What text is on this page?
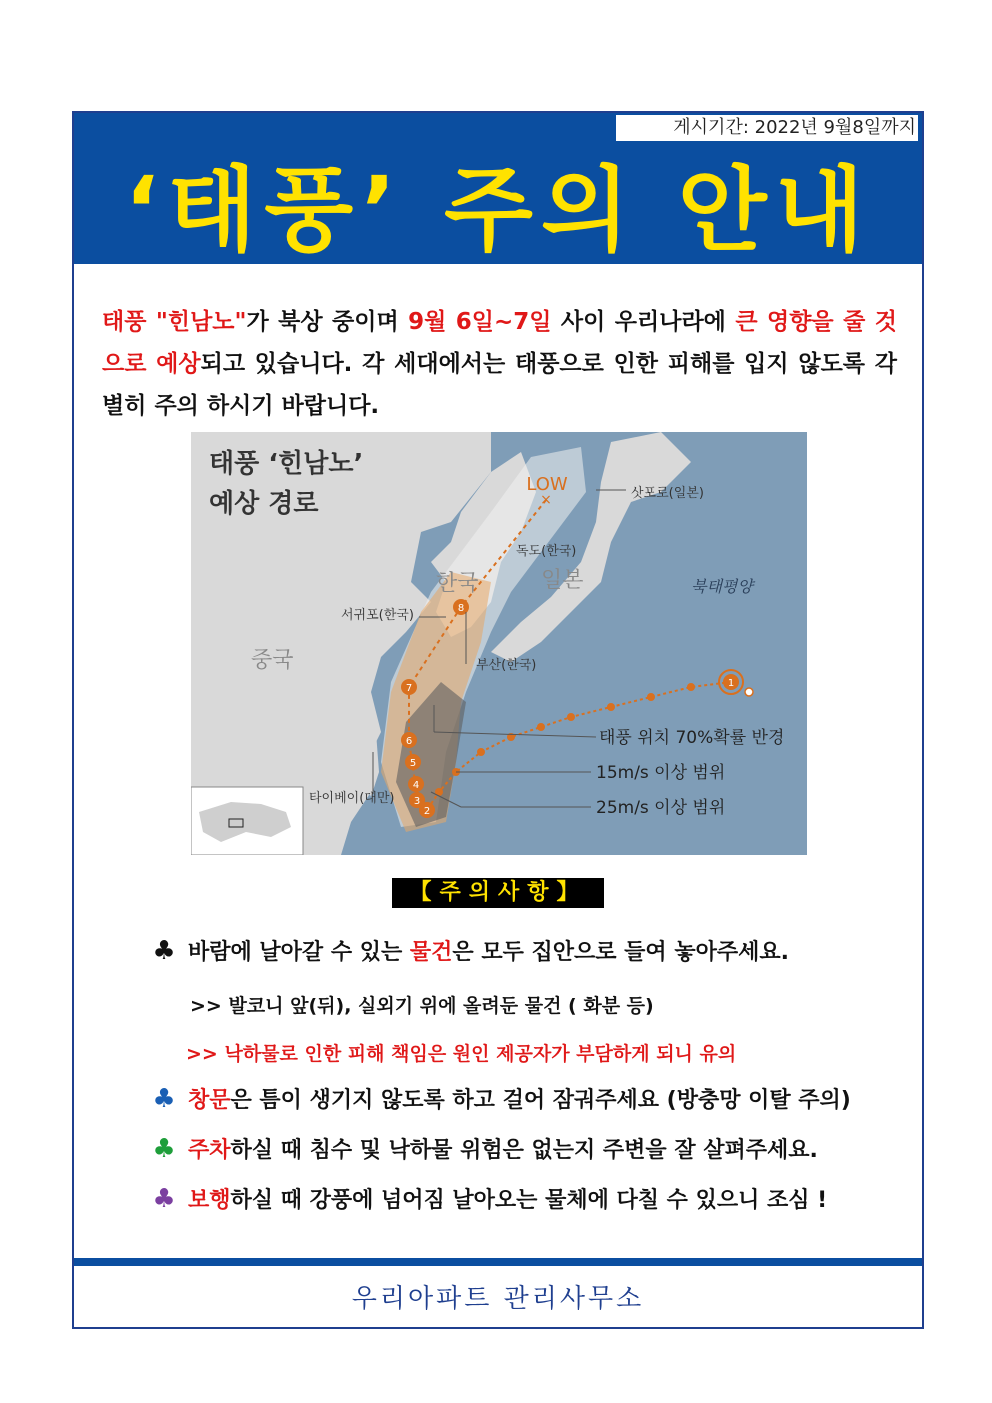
게시기간: 2022년 9월8일까지
‘태풍’ 주의 안내
태풍 "힌남노"가 북상 중이며 9월 6일~7일 사이 우리나라에 큰 영향을 줄 것으로 예상되고 있습니다. 각 세대에서는 태풍으로 인한 피해를 입지 않도록 각별히 주의 하시기 바랍니다.
1
2
3
4
5
6
7
8
×
LOW
태풍 ‘힌남노’
예상 경로	삿포로(일본)
독도(한국)
서귀포(한국)
부산(한국)
타이베이(대만)
한국	일본
중국
북태평양
태풍 위치 70%확률 반경
15m/s 이상 범위
25m/s 이상 범위
【주의사항】
♣ 바람에 날아갈 수 있는 물건은 모두 집안으로 들여 놓아주세요.
>> 발코니 앞(뒤), 실외기 위에 올려둔 물건 ( 화분 등)
>> 낙하물로 인한 피해 책임은 원인 제공자가 부담하게 되니 유의
♣ 창문은 틈이 생기지 않도록 하고 걸어 잠궈주세요 (방충망 이탈 주의)
♣ 주차하실 때 침수 및 낙하물 위험은 없는지 주변을 잘 살펴주세요.
♣ 보행하실 때 강풍에 넘어짐 날아오는 물체에 다칠 수 있으니 조심 !
우리아파트 관리사무소
